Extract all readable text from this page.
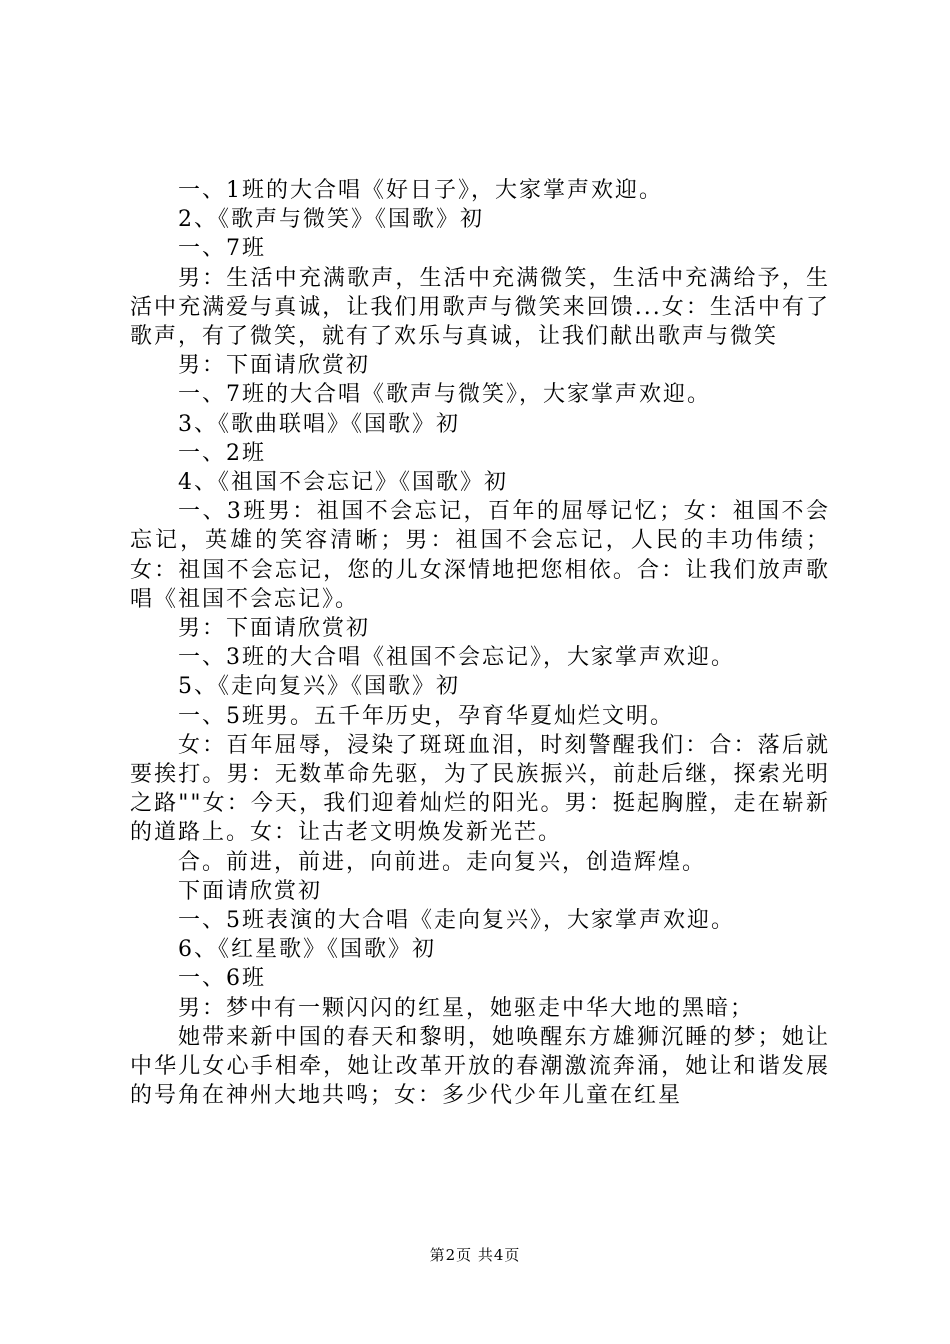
一、1班的大合唱《好日子》，大家掌声欢迎。

2、《歌声与微笑》《国歌》初

一、7班

男：生活中充满歌声，生活中充满微笑，生活中充满给予，生活中充满爱与真诚，让我们用歌声与微笑来回馈...女：生活中有了歌声，有了微笑，就有了欢乐与真诚，让我们献出歌声与微笑

男：下面请欣赏初

一、7班的大合唱《歌声与微笑》，大家掌声欢迎。

3、《歌曲联唱》《国歌》初

一、2班

4、《祖国不会忘记》《国歌》初

一、3班男：祖国不会忘记，百年的屈辱记忆；女：祖国不会忘记，英雄的笑容清晰；男：祖国不会忘记，人民的丰功伟绩；女：祖国不会忘记，您的儿女深情地把您相依。合：让我们放声歌唱《祖国不会忘记》。

男：下面请欣赏初

一、3班的大合唱《祖国不会忘记》，大家掌声欢迎。

5、《走向复兴》《国歌》初

一、5班男。五千年历史，孕育华夏灿烂文明。

女：百年屈辱，浸染了斑斑血泪，时刻警醒我们：合：落后就要挨打。男：无数革命先驱，为了民族振兴，前赴后继，探索光明之路""女：今天，我们迎着灿烂的阳光。男：挺起胸膛，走在崭新的道路上。女：让古老文明焕发新光芒。

合。前进，前进，向前进。走向复兴，创造辉煌。

下面请欣赏初

一、5班表演的大合唱《走向复兴》，大家掌声欢迎。

6、《红星歌》《国歌》初

一、6班

男：梦中有一颗闪闪的红星，她驱走中华大地的黑暗；

她带来新中国的春天和黎明，她唤醒东方雄狮沉睡的梦；她让中华儿女心手相牵，她让改革开放的春潮激流奔涌，她让和谐发展的号角在神州大地共鸣；女：多少代少年儿童在红星

第2页 共4页
